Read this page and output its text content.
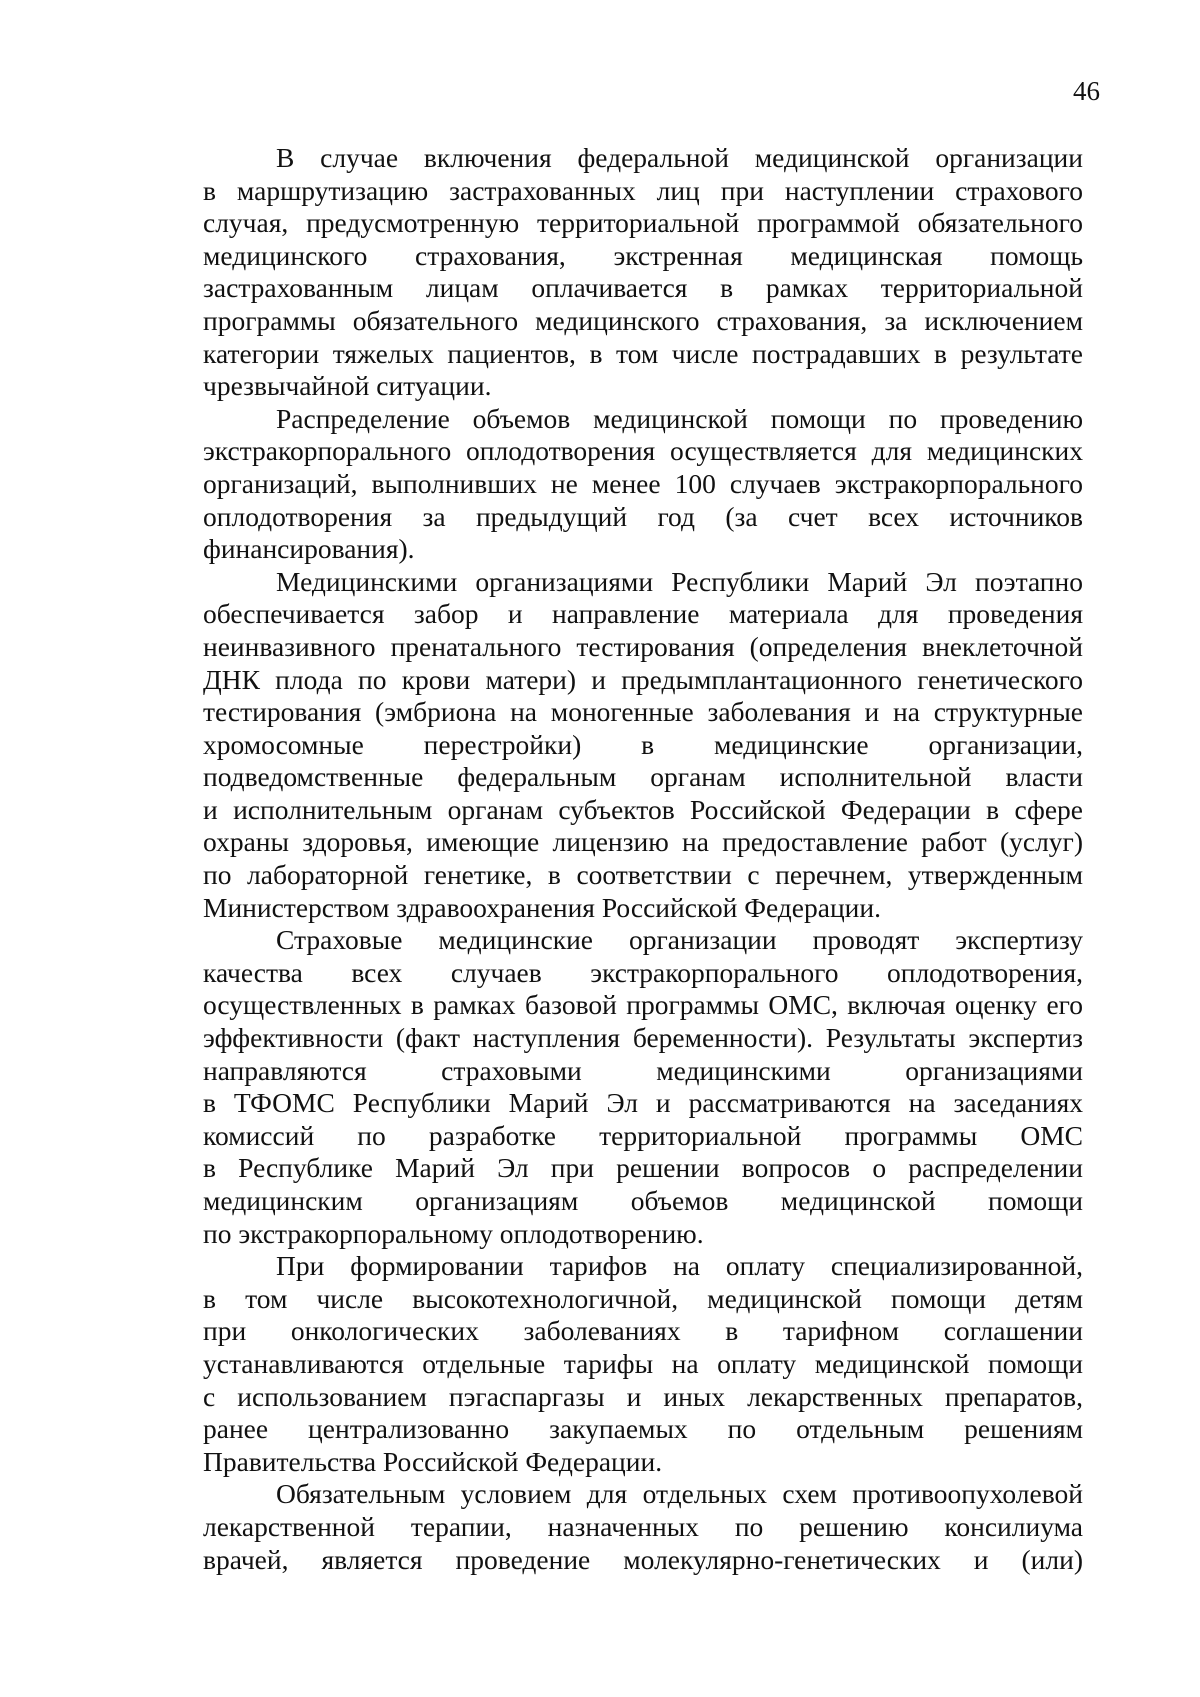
46

В случае включения федеральной медицинской организации
в маршрутизацию застрахованных лиц при наступлении страхового
случая, предусмотренную территориальной программой обязательного
медицинского страхования, экстренная медицинская помощь
застрахованным лицам оплачивается в рамках территориальной
программы обязательного медицинского страхования, за исключением
категории тяжелых пациентов, в том числе пострадавших в результате
чрезвычайной ситуации.

Распределение объемов медицинской помощи по проведению
экстракорпорального оплодотворения осуществляется для медицинских
организаций, выполнивших не менее 100 случаев экстракорпорального
оплодотворения за предыдущий год (за счет всех источников
финансирования).

Медицинскими организациями Республики Марий Эл поэтапно
обеспечивается забор и направление материала для проведения
неинвазивного пренатального тестирования (определения внеклеточной
ДНК плода по крови матери) и предымплантационного генетического
тестирования (эмбриона на моногенные заболевания и на структурные
хромосомные перестройки) в медицинские организации,
подведомственные федеральным органам исполнительной власти
и исполнительным органам субъектов Российской Федерации в сфере
охраны здоровья, имеющие лицензию на предоставление работ (услуг)
по лабораторной генетике, в соответствии с перечнем, утвержденным
Министерством здравоохранения Российской Федерации.

Страховые медицинские организации проводят экспертизу
качества всех случаев экстракорпорального оплодотворения,
осуществленных в рамках базовой программы ОМС, включая оценку его
эффективности (факт наступления беременности). Результаты экспертиз
направляются страховыми медицинскими организациями
в ТФОМС Республики Марий Эл и рассматриваются на заседаниях
комиссий по разработке территориальной программы ОМС
в Республике Марий Эл при решении вопросов о распределении
медицинским организациям объемов медицинской помощи
по экстракорпоральному оплодотворению.

При формировании тарифов на оплату специализированной,
в том числе высокотехнологичной, медицинской помощи детям
при онкологических заболеваниях в тарифном соглашении
устанавливаются отдельные тарифы на оплату медицинской помощи
с использованием пэгаспаргазы и иных лекарственных препаратов,
ранее централизованно закупаемых по отдельным решениям
Правительства Российской Федерации.

Обязательным условием для отдельных схем противоопухолевой
лекарственной терапии, назначенных по решению консилиума
врачей, является проведение молекулярно-генетических и (или)
